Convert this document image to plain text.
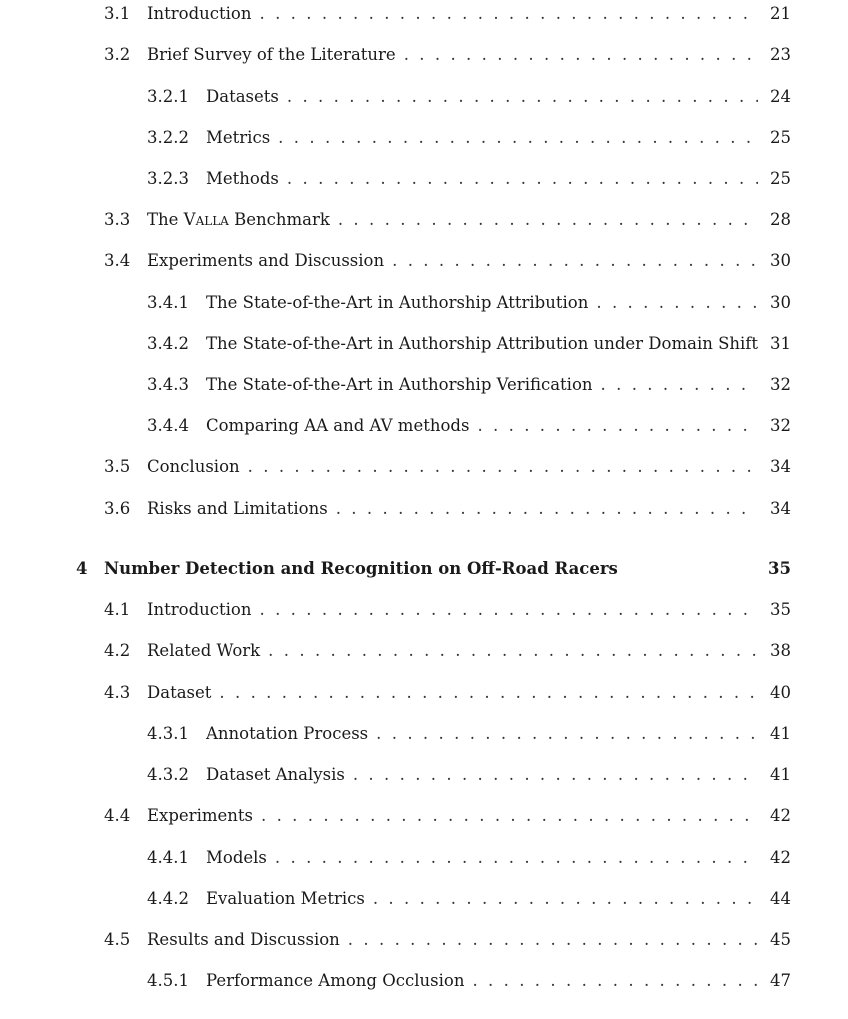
3.1 Introduction . . .	21
3.2 Brief Survey of the Literature . . .	23
3.2.1 Datasets . . .	24
3.2.2 Metrics . . .	25
3.2.3 Methods . . .	25
3.3 The Valla Benchmark . . .	28
3.4 Experiments and Discussion . . .	30
3.4.1 The State-of-the-Art in Authorship Attribution . . .	30
3.4.2 The State-of-the-Art in Authorship Attribution under Domain Shift 31
3.4.3 The State-of-the-Art in Authorship Verification . . .	32
3.4.4 Comparing AA and AV methods . . .	32
3.5 Conclusion . . .	34
3.6 Risks and Limitations . . .	34
4 Number Detection and Recognition on Off-Road Racers	35
4.1 Introduction . . .	35
4.2 Related Work . . .	38
4.3 Dataset . . .	40
4.3.1 Annotation Process . . .	41
4.3.2 Dataset Analysis . . .	41
4.4 Experiments . . .	42
4.4.1 Models . . .	42
4.4.2 Evaluation Metrics . . .	44
4.5 Results and Discussion . . .	45
4.5.1 Performance Among Occlusion . . .	47
